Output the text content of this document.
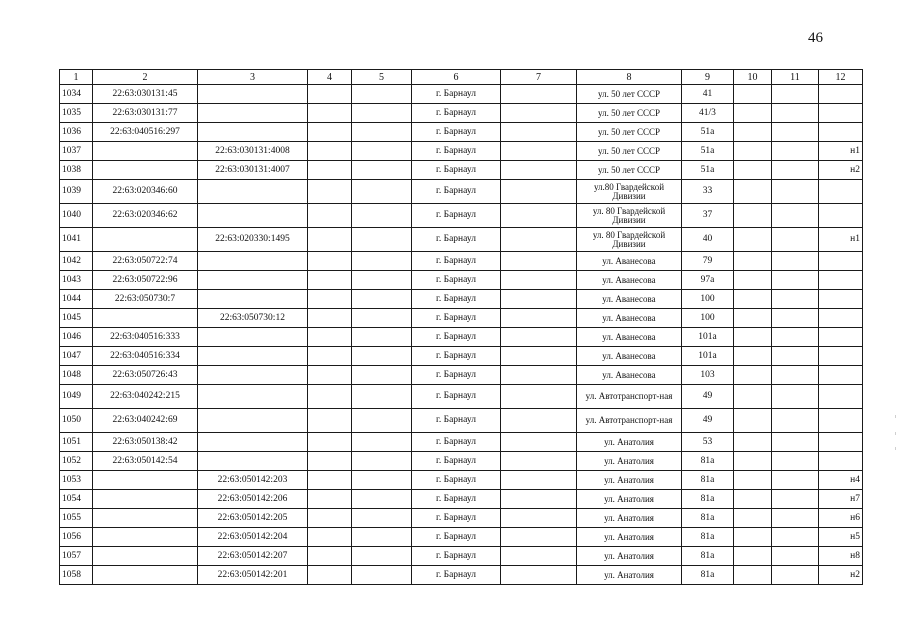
46
1	2	3	4	5	6	7	8	9	10	11	12
1034	22:63:030131:45				г. Барнаул		ул. 50 лет СССР	41			
1035	22:63:030131:77				г. Барнаул		ул. 50 лет СССР	41/3			
1036	22:63:040516:297				г. Барнаул		ул. 50 лет СССР	51а			
1037		22:63:030131:4008			г. Барнаул		ул. 50 лет СССР	51а			н1
1038		22:63:030131:4007			г. Барнаул		ул. 50 лет СССР	51а			н2
1039	22:63:020346:60				г. Барнаул		ул.80 Гвардейской Дивизии	33			
1040	22:63:020346:62				г. Барнаул		ул. 80 Гвардейской Дивизии	37			
1041		22:63:020330:1495			г. Барнаул		ул. 80 Гвардейской Дивизии	40			н1
1042	22:63:050722:74				г. Барнаул		ул. Аванесова	79			
1043	22:63:050722:96				г. Барнаул		ул. Аванесова	97а			
1044	22:63:050730:7				г. Барнаул		ул. Аванесова	100			
1045		22:63:050730:12			г. Барнаул		ул. Аванесова	100			
1046	22:63:040516:333				г. Барнаул		ул. Аванесова	101а			
1047	22:63:040516:334				г. Барнаул		ул. Аванесова	101а			
1048	22:63:050726:43				г. Барнаул		ул. Аванесова	103			
1049	22:63:040242:215				г. Барнаул		ул. Автотранспорт-ная	49			
1050	22:63:040242:69				г. Барнаул		ул. Автотранспорт-ная	49			
1051	22:63:050138:42				г. Барнаул		ул. Анатолия	53			
1052	22:63:050142:54				г. Барнаул		ул. Анатолия	81а			
1053		22:63:050142:203			г. Барнаул		ул. Анатолия	81а			н4
1054		22:63:050142:206			г. Барнаул		ул. Анатолия	81а			н7
1055		22:63:050142:205			г. Барнаул		ул. Анатолия	81а			н6
1056		22:63:050142:204			г. Барнаул		ул. Анатолия	81а			н5
1057		22:63:050142:207			г. Барнаул		ул. Анатолия	81а			н8
1058		22:63:050142:201			г. Барнаул		ул. Анатолия	81а			н2
